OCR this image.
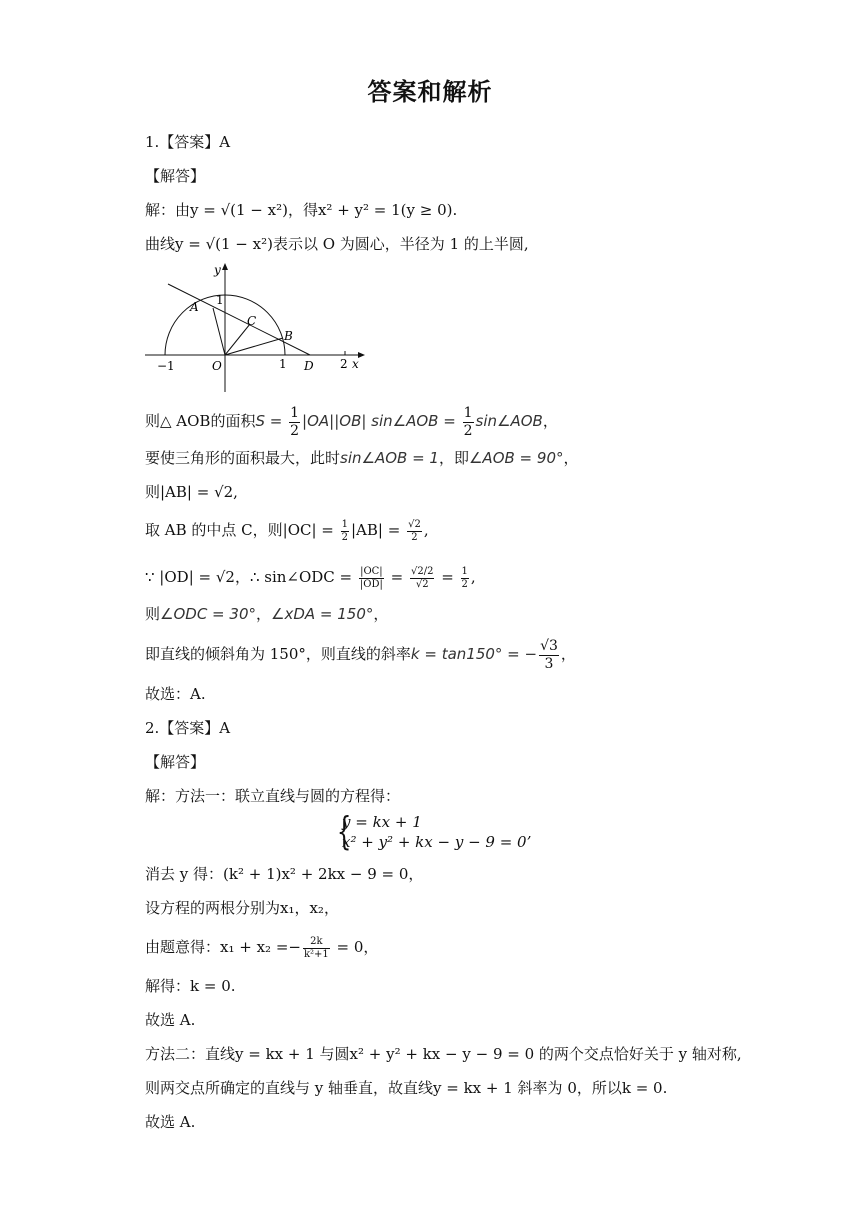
答案和解析
1.【答案】A
【解答】
解：由y = √(1 − x²)，得x² + y² = 1(y ≥ 0).
曲线y = √(1 − x²)表示以 O 为圆心，半径为 1 的上半圆,
y
x
1
A
C
B
O	D
−1	1	2
则△ AOB的面积$S = \frac{1}{2} |OA||OB|$ sin∠AOB = $\frac{1}{2}$ sin∠AOB，
要使三角形的面积最大，此时sin∠AOB = 1，即∠AOB = 90°，
则|AB| = √2,
取 AB 的中点 C，则$|OC| = \frac{1}{2} |AB| = \frac{√2}{2}$ ,
∵ |OD| = √2，∴ sin∠ODC = $\frac{|OC|}{|OD|} = \frac{√2/2}{√2} = \frac{1}{2}$ ,
则∠ODC = 30°，∠xDA = 150°，
即直线的倾斜角为 150°，则直线的斜率k = tan150° = − $\frac{√3}{3}$ ，
故选：A.
2.【答案】A
【解答】
解：方法一：联立直线与圆的方程得：
{
y = kx + 1
x² + y² + kx − y − 9 = 0’
消去 y 得：(k² + 1)x² + 2kx − 9 = 0，
设方程的两根分别为x₁，x₂，
由题意得：$x_1 + x_2 =- \frac{2k}{\text{k²+1}} = 0$，
解得：k = 0.
故选 A.
方法二：直线y = kx + 1 与圆x² + y² + kx − y − 9 = 0 的两个交点恰好关于 y 轴对称,
则两交点所确定的直线与 y 轴垂直，故直线y = kx + 1 斜率为 0，所以k = 0.
故选 A.
